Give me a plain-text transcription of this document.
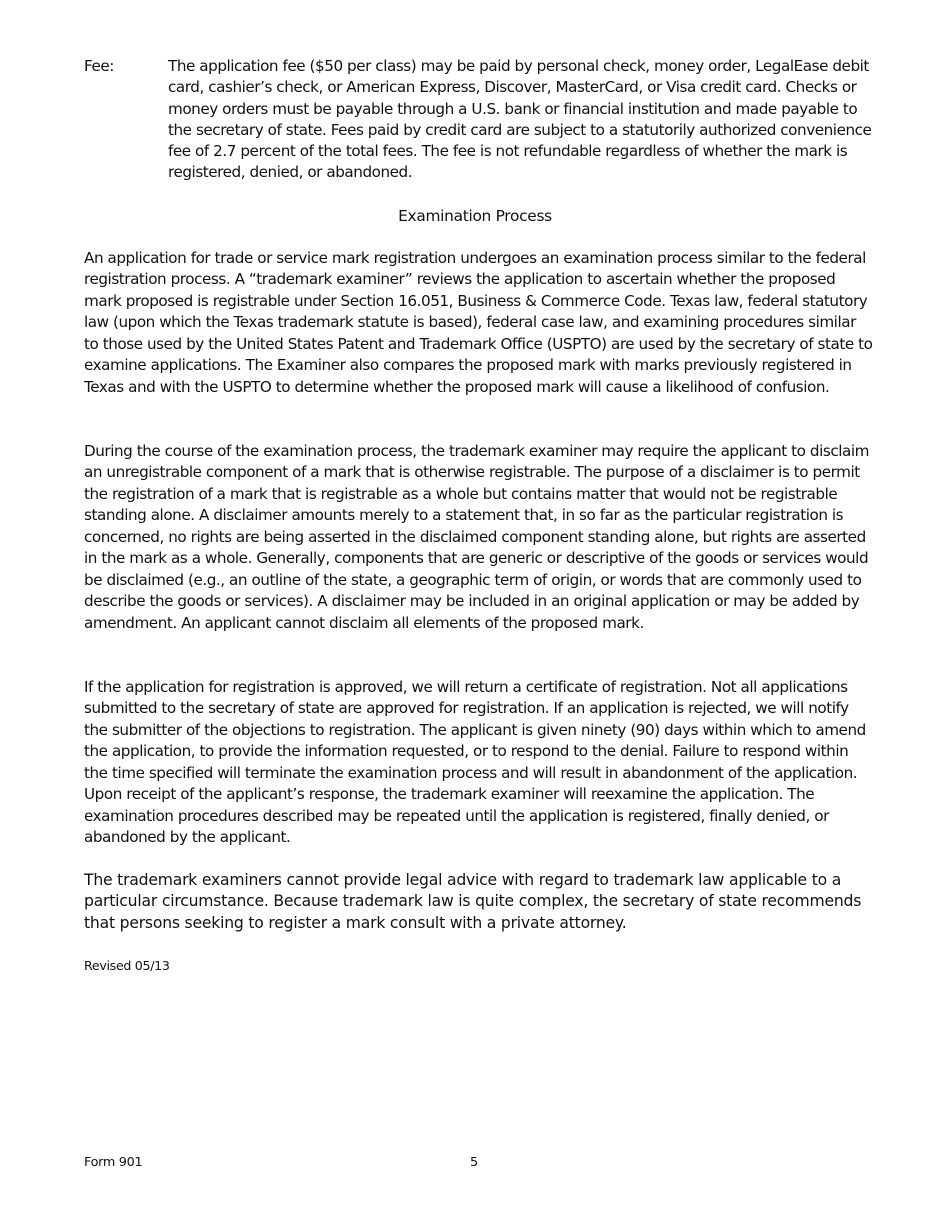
Fee:	The application fee ($50 per class) may be paid by personal check, money order, LegalEase debit card, cashier’s check, or American Express, Discover, MasterCard, or Visa credit card. Checks or money orders must be payable through a U.S. bank or financial institution and made payable to the secretary of state. Fees paid by credit card are subject to a statutorily authorized convenience fee of 2.7 percent of the total fees. The fee is not refundable regardless of whether the mark is registered, denied, or abandoned.
Examination Process

An application for trade or service mark registration undergoes an examination process similar to the federal registration process. A “trademark examiner” reviews the application to ascertain whether the proposed mark proposed is registrable under Section 16.051, Business & Commerce Code. Texas law, federal statutory law (upon which the Texas trademark statute is based), federal case law, and examining procedures similar to those used by the United States Patent and Trademark Office (USPTO) are used by the secretary of state to examine applications. The Examiner also compares the proposed mark with marks previously registered in Texas and with the USPTO to determine whether the proposed mark will cause a likelihood of confusion.

During the course of the examination process, the trademark examiner may require the applicant to disclaim an unregistrable component of a mark that is otherwise registrable. The purpose of a disclaimer is to permit the registration of a mark that is registrable as a whole but contains matter that would not be registrable standing alone. A disclaimer amounts merely to a statement that, in so far as the particular registration is concerned, no rights are being asserted in the disclaimed component standing alone, but rights are asserted in the mark as a whole. Generally, components that are generic or descriptive of the goods or services would be disclaimed (e.g., an outline of the state, a geographic term of origin, or words that are commonly used to describe the goods or services). A disclaimer may be included in an original application or may be added by amendment. An applicant cannot disclaim all elements of the proposed mark.

If the application for registration is approved, we will return a certificate of registration. Not all applications submitted to the secretary of state are approved for registration. If an application is rejected, we will notify the submitter of the objections to registration. The applicant is given ninety (90) days within which to amend the application, to provide the information requested, or to respond to the denial. Failure to respond within the time specified will terminate the examination process and will result in abandonment of the application. Upon receipt of the applicant’s response, the trademark examiner will reexamine the application. The examination procedures described may be repeated until the application is registered, finally denied, or abandoned by the applicant.

The trademark examiners cannot provide legal advice with regard to trademark law applicable to a particular circumstance. Because trademark law is quite complex, the secretary of state recommends that persons seeking to register a mark consult with a private attorney.

Revised 05/13
Form 901	5
